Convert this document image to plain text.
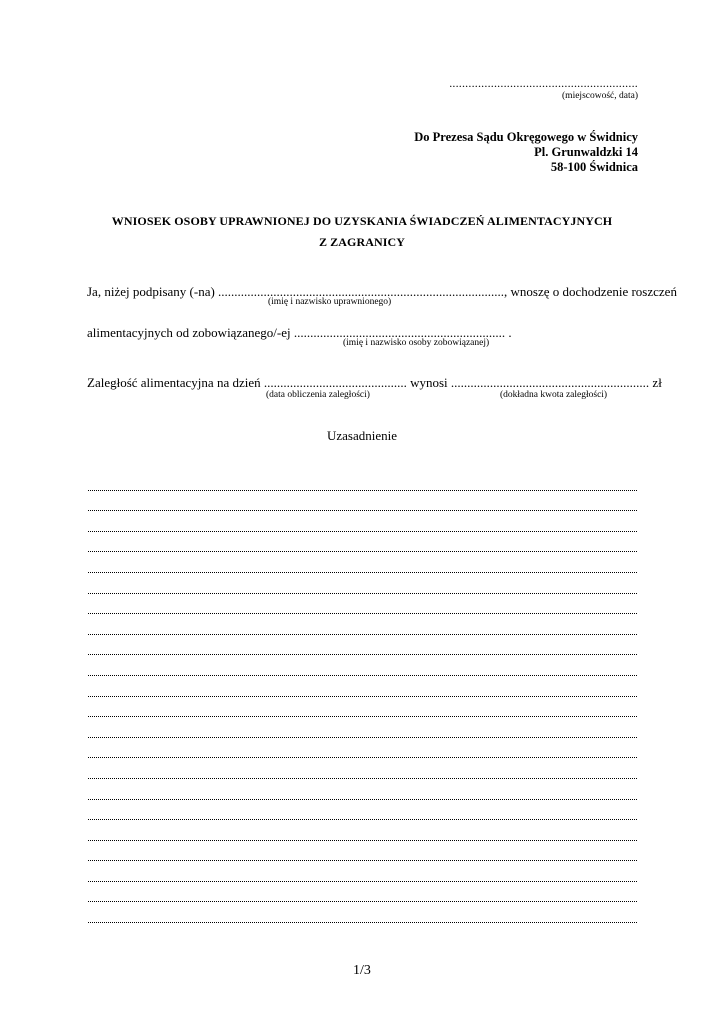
...........................................................
(miejscowość, data)
Do Prezesa Sądu Okręgowego w Świdnicy
Pl. Grunwaldzki 14
58-100 Świdnica
WNIOSEK OSOBY UPRAWNIONEJ DO UZYSKANIA ŚWIADCZEŃ ALIMENTACYJNYCH
Z ZAGRANICY
Ja, niżej podpisany (-na) ........................................................................................, wnoszę o dochodzenie roszczeń
(imię i nazwisko uprawnionego)
alimentacyjnych od zobowiązanego/-ej ................................................................. .
(imię i nazwisko osoby zobowiązanej)
Zaległość alimentacyjna na dzień ............................................ wynosi ............................................................. zł
(data obliczenia zaległości)	(dokładna kwota zaległości)
Uzasadnienie
1/3
